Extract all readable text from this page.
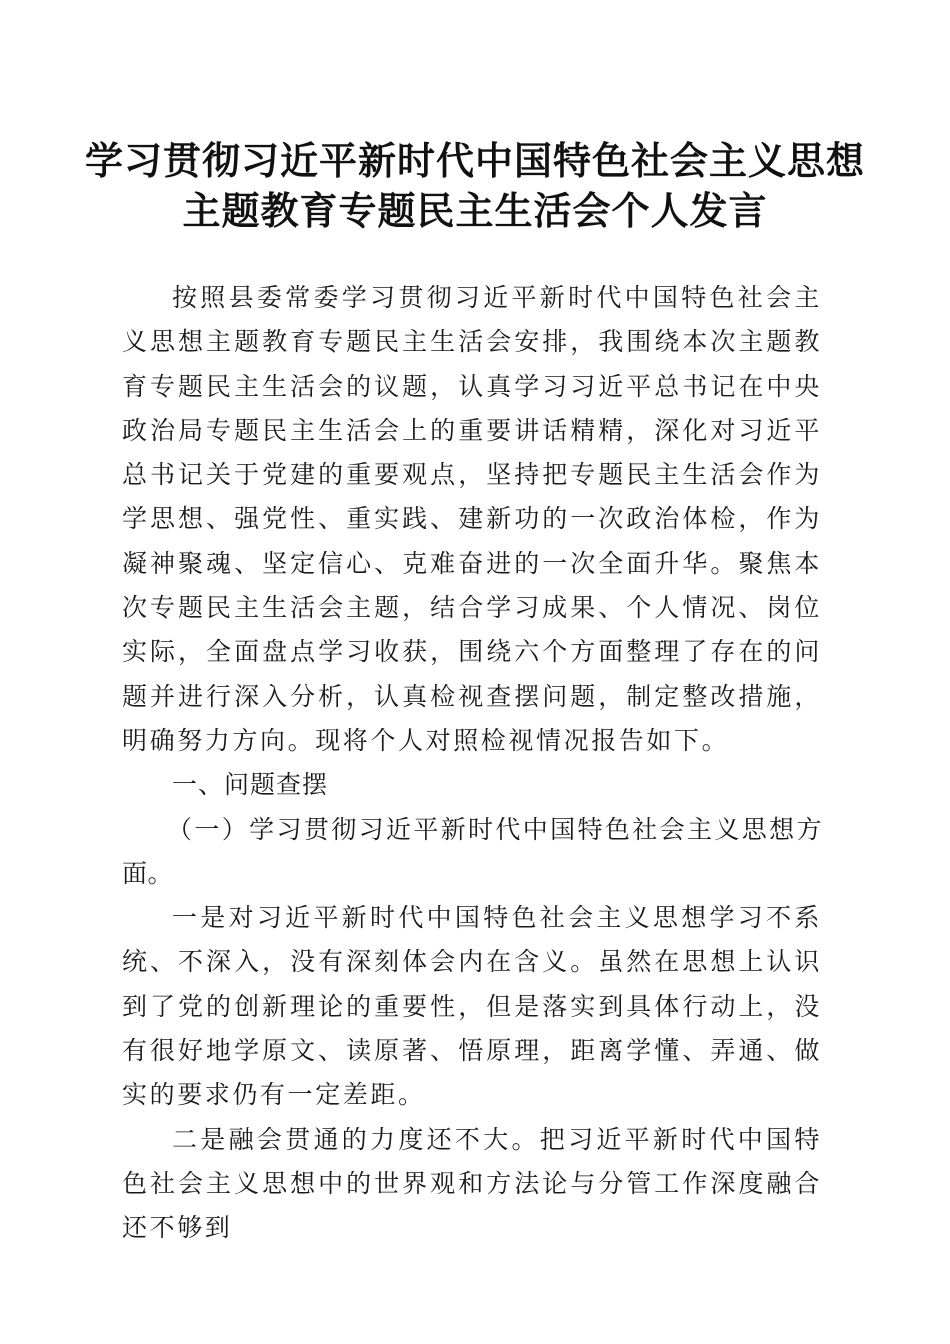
学习贯彻习近平新时代中国特色社会主义思想
主题教育专题民主生活会个人发言

按照县委常委学习贯彻习近平新时代中国特色社会主义思想主题教育专题民主生活会安排，我围绕本次主题教育专题民主生活会的议题，认真学习习近平总书记在中央政治局专题民主生活会上的重要讲话精精，深化对习近平总书记关于党建的重要观点，坚持把专题民主生活会作为学思想、强党性、重实践、建新功的一次政治体检，作为凝神聚魂、坚定信心、克难奋进的一次全面升华。聚焦本次专题民主生活会主题，结合学习成果、个人情况、岗位实际，全面盘点学习收获，围绕六个方面整理了存在的问题并进行深入分析，认真检视查摆问题，制定整改措施，明确努力方向。现将个人对照检视情况报告如下。

一、问题查摆

（一）学习贯彻习近平新时代中国特色社会主义思想方面。

一是对习近平新时代中国特色社会主义思想学习不系统、不深入，没有深刻体会内在含义。虽然在思想上认识到了党的创新理论的重要性，但是落实到具体行动上，没有很好地学原文、读原著、悟原理，距离学懂、弄通、做实的要求仍有一定差距。

二是融会贯通的力度还不大。把习近平新时代中国特色社会主义思想中的世界观和方法论与分管工作深度融合还不够到
